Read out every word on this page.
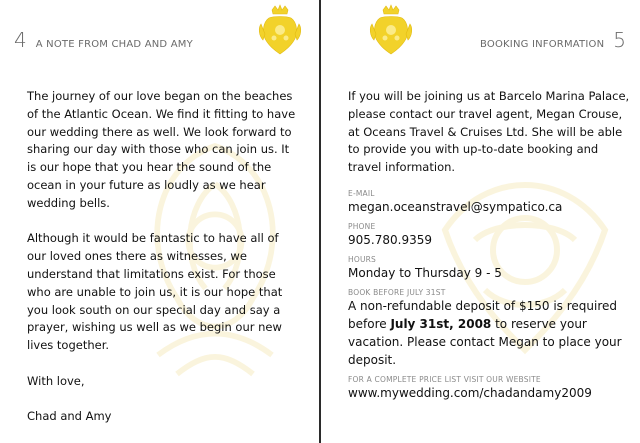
4 A NOTE FROM CHAD AND AMY

The journey of our love began on the beaches of the Atlantic Ocean. We find it fitting to have our wedding there as well. We look forward to sharing our day with those who can join us. It is our hope that you hear the sound of the ocean in your future as loudly as we hear wedding bells.

Although it would be fantastic to have all of our loved ones there as witnesses, we understand that limitations exist. For those who are unable to join us, it is our hope that you look south on our special day and say a prayer, wishing us well as we begin our new lives together.

With love,

Chad and Amy

BOOKING INFORMATION 5

If you will be joining us at Barcelo Marina Palace, please contact our travel agent, Megan Crouse, at Oceans Travel & Cruises Ltd. She will be able to provide you with up-to-date booking and travel information.

E-MAIL
megan.oceanstravel@sympatico.ca
PHONE
905.780.9359
HOURS
Monday to Thursday 9 - 5
BOOK BEFORE JULY 31ST
A non-refundable deposit of $150 is required before July 31st, 2008 to reserve your vacation. Please contact Megan to place your deposit.
FOR A COMPLETE PRICE LIST VISIT OUR WEBSITE
www.mywedding.com/chadandamy2009
